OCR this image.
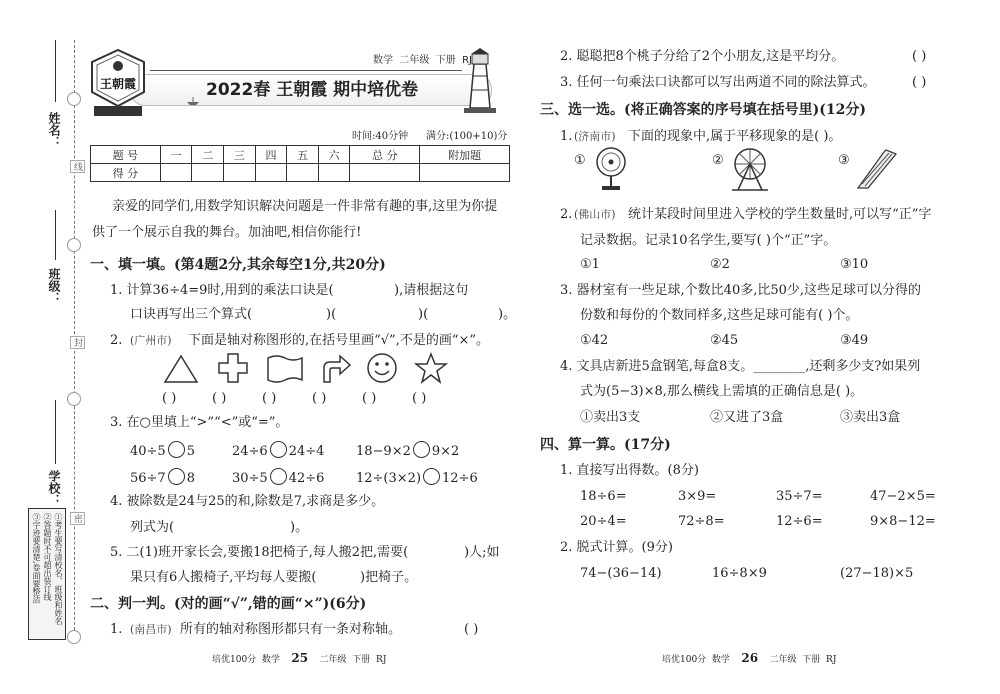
姓名：
班级：
学校：
线
封
密
①考生要写清校名、班级和姓名
②答题时不可超出装订线
③字迹要清楚,卷面要整洁
王朝霞	2022春 王朝霞 期中培优卷
数学 二年级 下册 RJ
时间:40分钟 满分:(100+10)分
题 号	一	二	三	四	五	六	总 分	附加题
得 分								
亲爱的同学们,用数学知识解决问题是一件非常有趣的事,这里为你提
供了一个展示自我的舞台。加油吧,相信你能行!
一、填一填。(第4题2分,其余每空1分,共20分)
1. 计算36÷4=9时,用到的乘法口诀是(	),请根据这句
口诀再写出三个算式(	)(	)(	)。
2. (广州市) 下面是轴对称图形的,在括号里画“√”,不是的画“×”。
( )	( )	( )	( )	( )	( )
3. 在○里填上“>”“<”或“=”。
40÷5 5	24÷6 24÷4 18−9×2 9×2
56÷7 8	30÷5 42÷6 12÷(3×2) 12÷6
4. 被除数是24与25的和,除数是7,求商是多少。
列式为(	)。
5. 二(1)班开家长会,要搬18把椅子,每人搬2把,需要(	)人;如
果只有6人搬椅子,平均每人要搬(	)把椅子。
二、判一判。(对的画“√”,错的画“×”)(6分)
1. (南昌市) 所有的轴对称图形都只有一条对称轴。	( )
培优100分 数学 25 二年级 下册 RJ
2. 聪聪把8个桃子分给了2个小朋友,这是平均分。	( )
3. 任何一句乘法口诀都可以写出两道不同的除法算式。	( )
三、选一选。(将正确答案的序号填在括号里)(12分)
1. (济南市) 下面的现象中,属于平移现象的是( )。
①	②	③
2. (佛山市) 统计某段时间里进入学校的学生数量时,可以写“正”字
记录数据。记录10名学生,要写( )个“正”字。
①1	②2	③10
3. 器材室有一些足球,个数比40多,比50少,这些足球可以分得的
份数和每份的个数同样多,这些足球可能有( )个。
①42	②45	③49
4. 文具店新进5盒钢笔,每盒8支。________,还剩多少支?如果列
式为(5−3)×8,那么横线上需填的正确信息是( )。
①卖出3支	②又进了3盒	③卖出3盒
四、算一算。(17分)
1. 直接写出得数。(8分)
18÷6=	3×9=	35÷7=	47−2×5=
20÷4=	72÷8=	12÷6=	9×8−12=
2. 脱式计算。(9分)
74−(36−14)	16÷8×9	(27−18)×5
培优100分 数学 26 二年级 下册 RJ
